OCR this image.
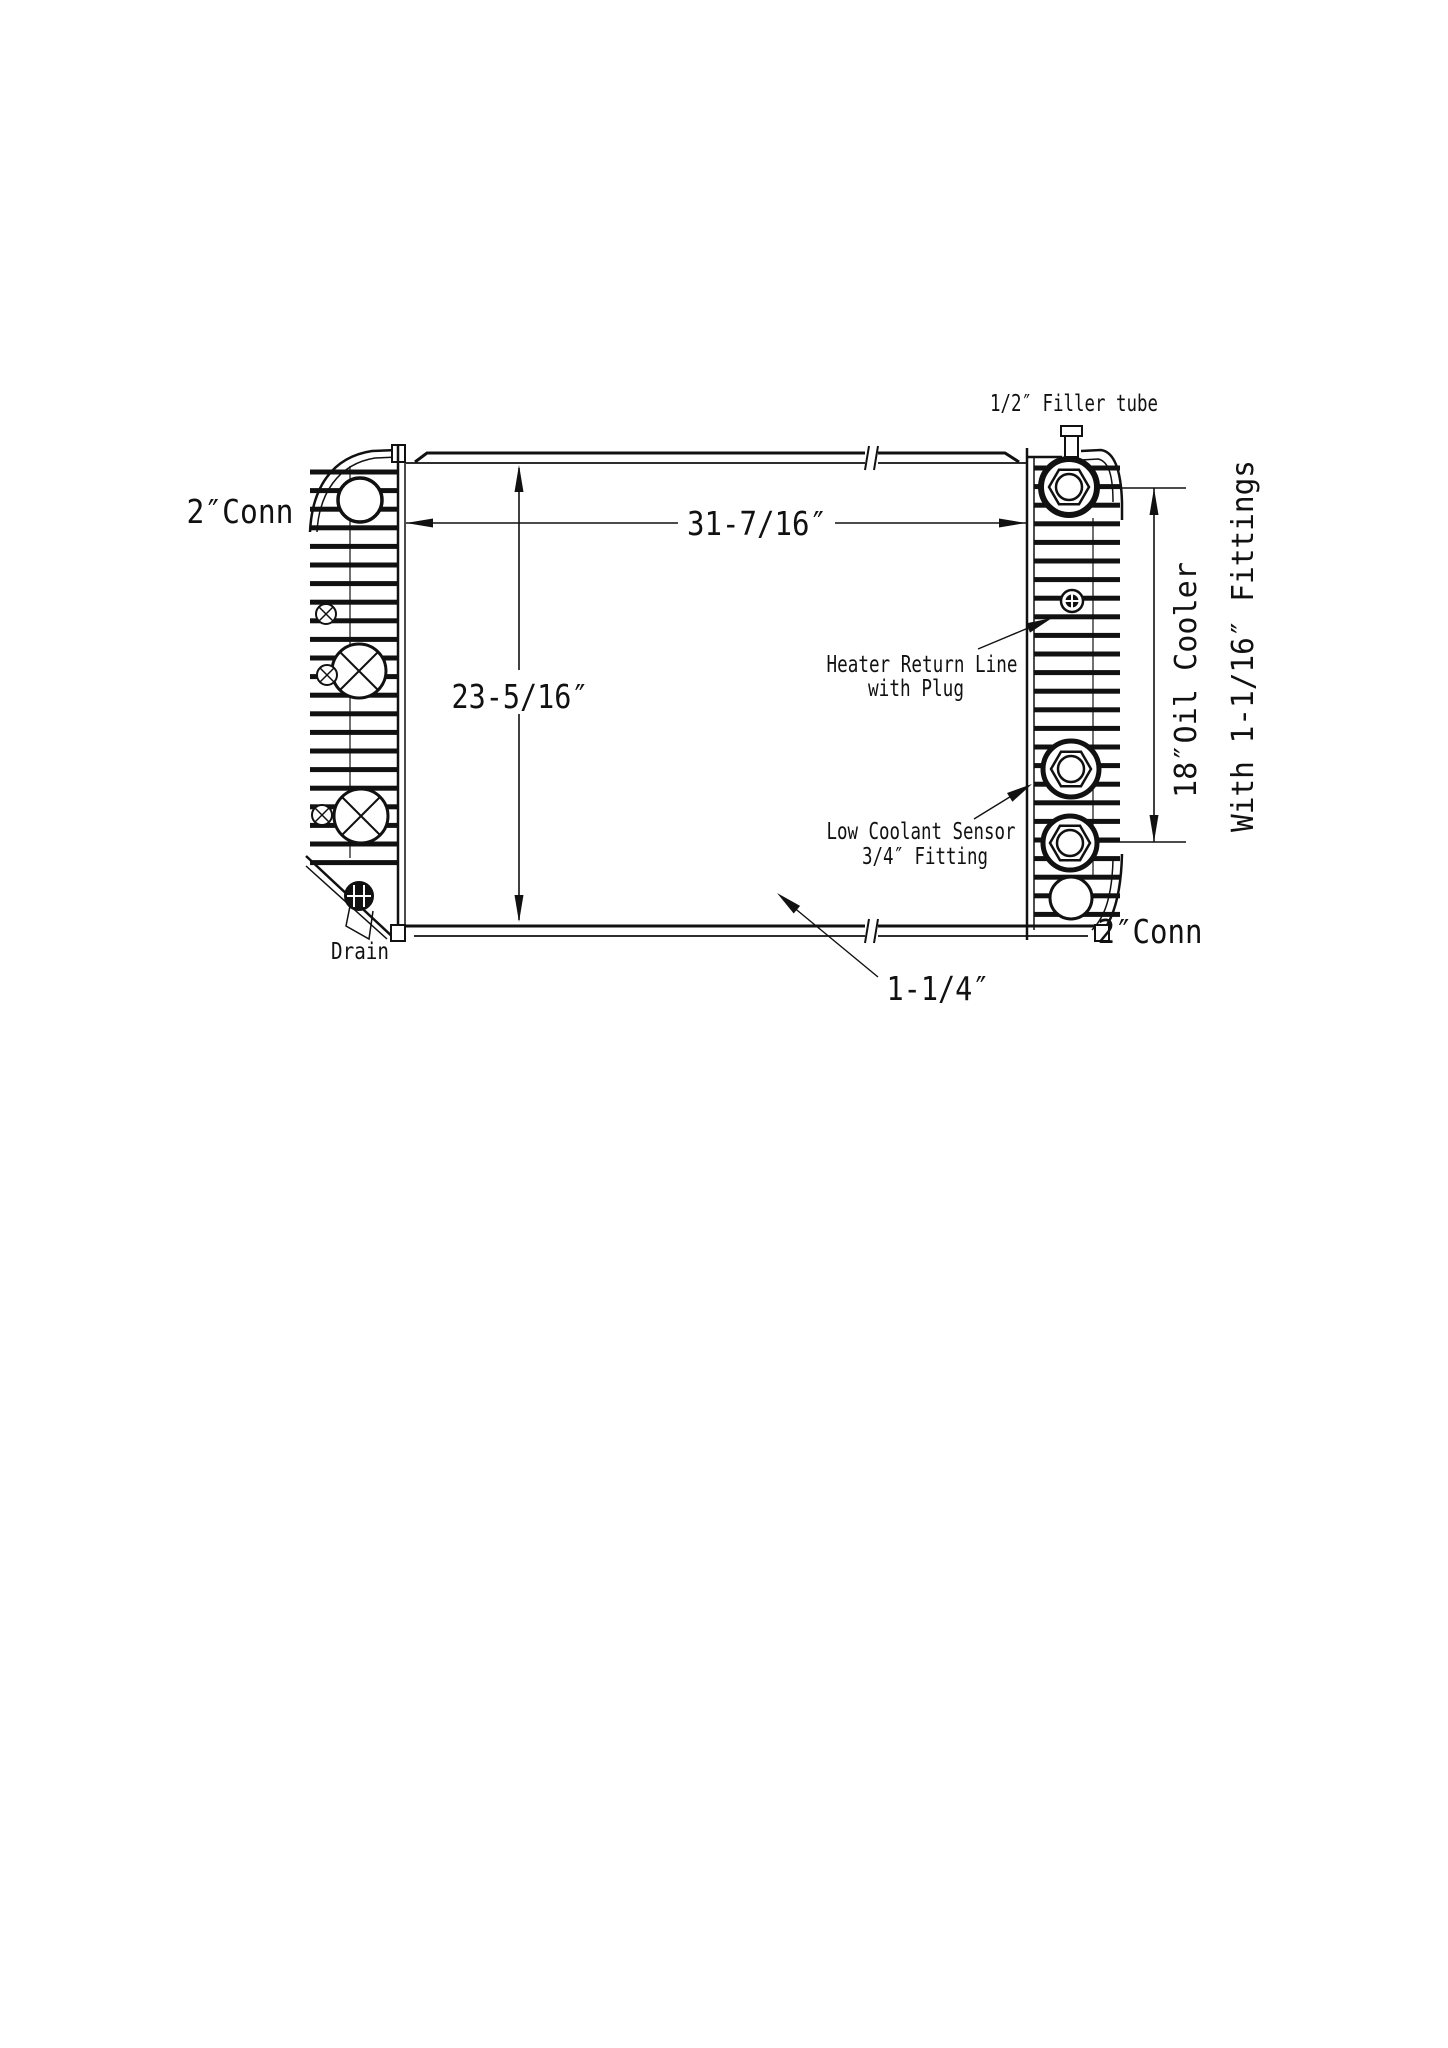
31-7/16″
23-5/16″	18″Oil Cooler With 1-1/16″ Fittings
Heater Return Line
with Plug
Low Coolant Sensor
3/4″ Fitting
1-1/4″
1/2″ Filler tube
2″Conn
2″Conn
Drain
